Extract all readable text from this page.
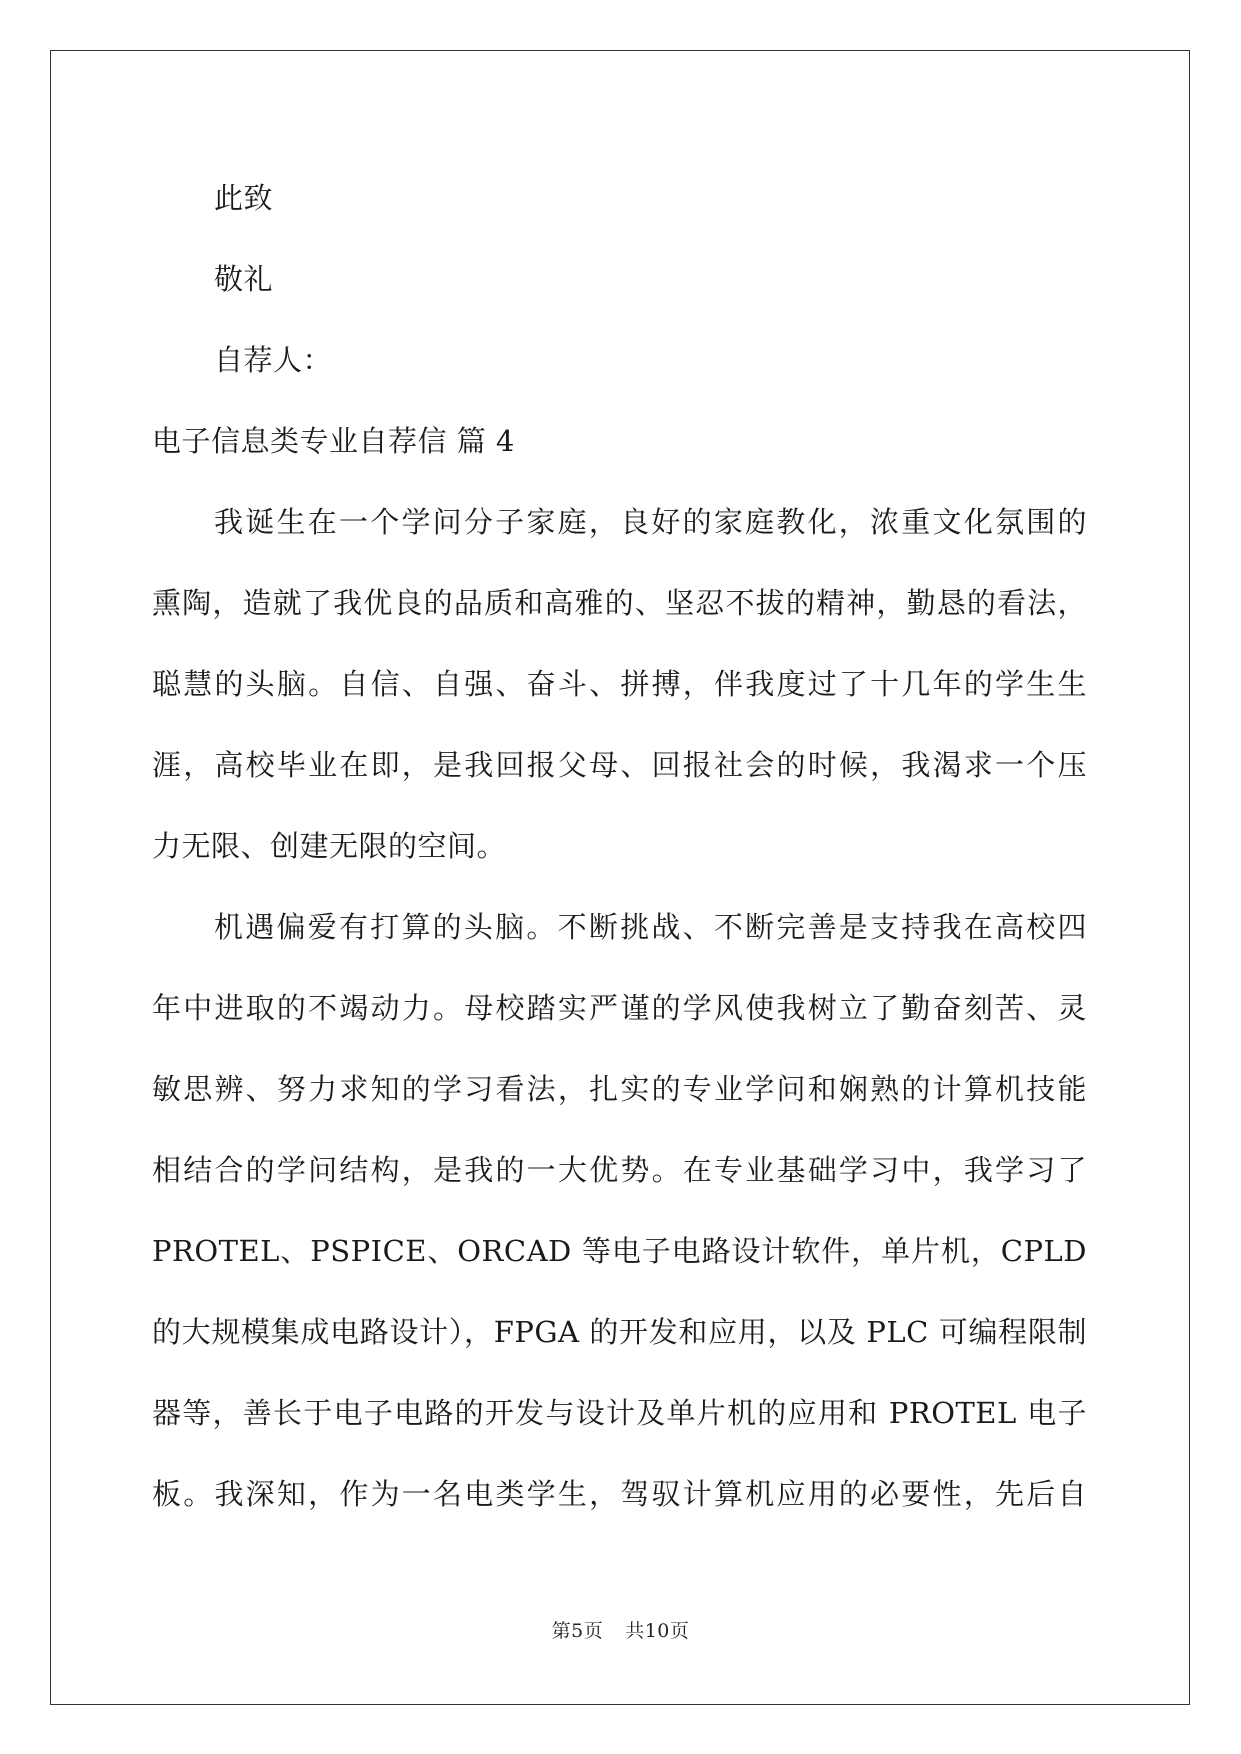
此致
敬礼
自荐人：
电子信息类专业自荐信 篇 4
我诞生在一个学问分子家庭，良好的家庭教化，浓重文化氛围的
熏陶，造就了我优良的品质和高雅的、坚忍不拔的精神，勤恳的看法，
聪慧的头脑。自信、自强、奋斗、拼搏，伴我度过了十几年的学生生
涯，高校毕业在即，是我回报父母、回报社会的时候，我渴求一个压
力无限、创建无限的空间。
机遇偏爱有打算的头脑。不断挑战、不断完善是支持我在高校四
年中进取的不竭动力。母校踏实严谨的学风使我树立了勤奋刻苦、灵
敏思辨、努力求知的学习看法，扎实的专业学问和娴熟的计算机技能
相结合的学问结构，是我的一大优势。在专业基础学习中，我学习了
PROTEL、PSPICE、ORCAD 等电子电路设计软件，单片机，CPLD
的大规模集成电路设计），FPGA 的开发和应用，以及 PLC 可编程限制
器等，善长于电子电路的开发与设计及单片机的应用和 PROTEL 电子
板。我深知，作为一名电类学生，驾驭计算机应用的必要性，先后自
第5页 共10页
